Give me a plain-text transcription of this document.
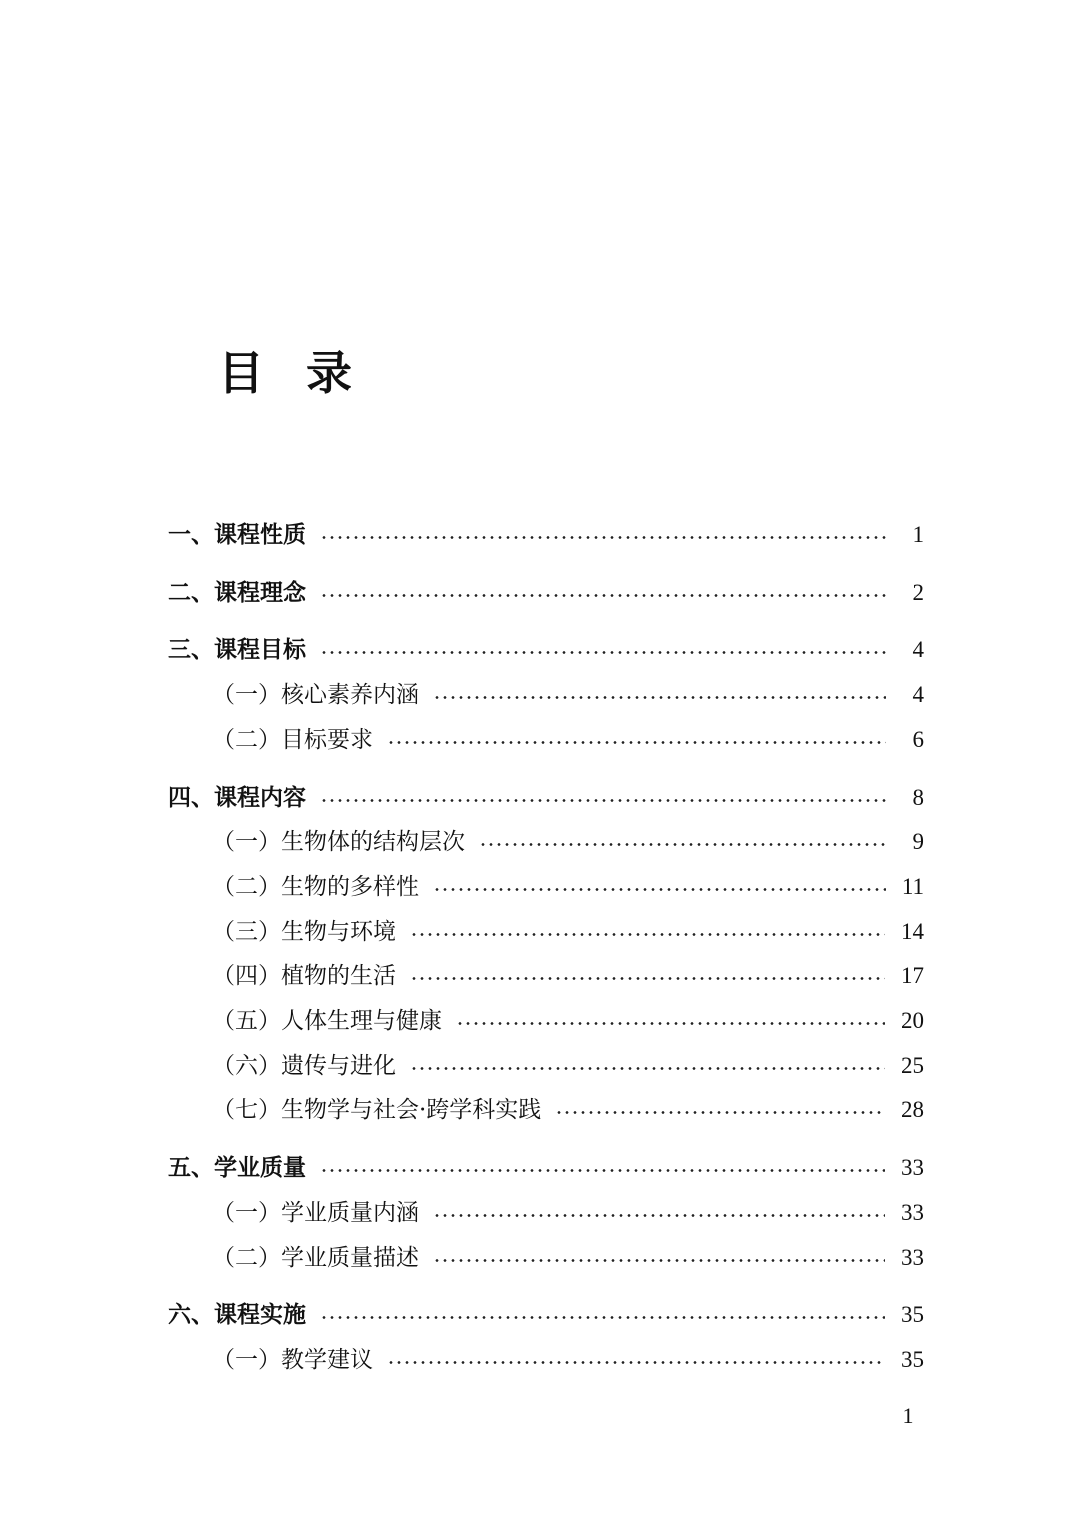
目录
一、课程性质	1
二、课程理念	2
三、课程目标	4
（一）核心素养内涵	4
（二）目标要求	6
四、课程内容	8
（一）生物体的结构层次	9
（二）生物的多样性	11
（三）生物与环境	14
（四）植物的生活	17
（五）人体生理与健康	20
（六）遗传与进化	25
（七）生物学与社会·跨学科实践	28
五、学业质量	33
（一）学业质量内涵	33
（二）学业质量描述	33
六、课程实施	35
（一）教学建议	35
1
